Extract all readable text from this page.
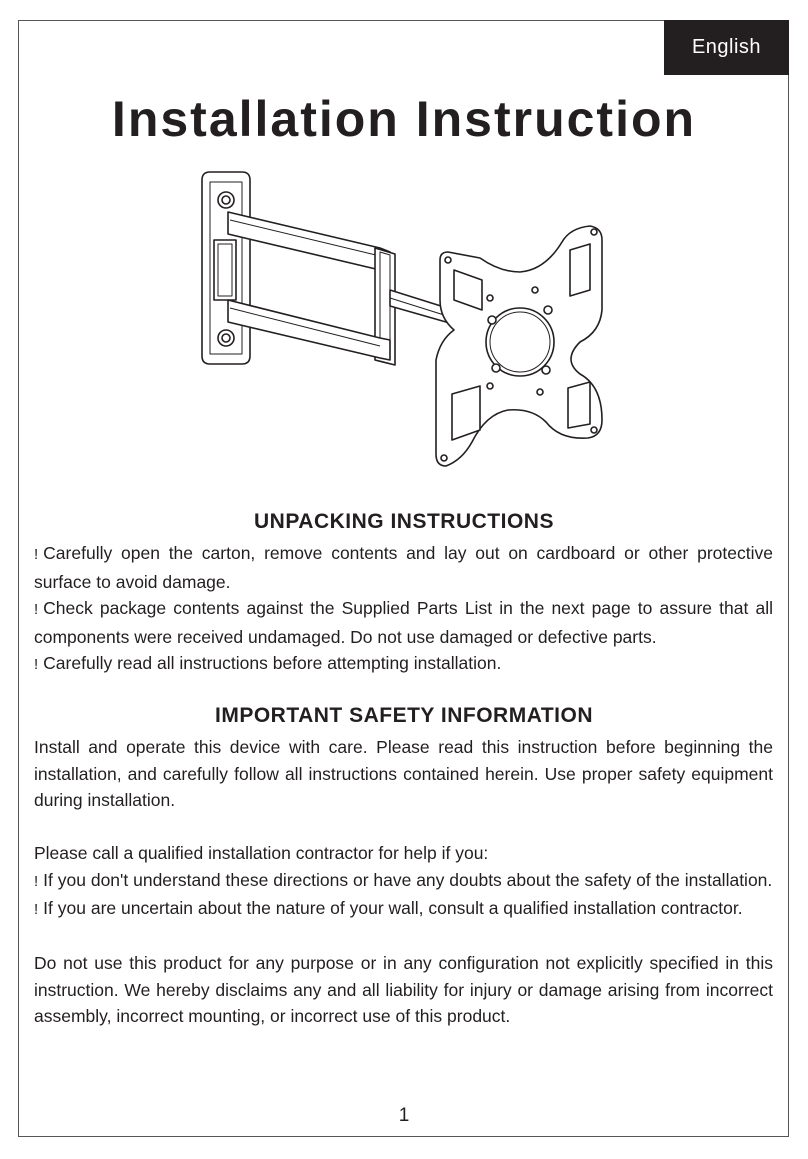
English
Installation Instruction
UNPACKING INSTRUCTIONS

! Carefully open the carton, remove contents and lay out on cardboard or other protective surface to avoid damage.

! Check package contents against the Supplied Parts List in the next page to assure that all components were received undamaged. Do not use damaged or defective parts.

! Carefully read all instructions before attempting installation.

IMPORTANT SAFETY INFORMATION

Install and operate this device with care. Please read this instruction before beginning the installation, and carefully follow all instructions contained herein. Use proper safety equipment during installation.

Please call a qualified installation contractor for help if you:

! If you don't understand these directions or have any doubts about the safety of the installation.

! If you are uncertain about the nature of your wall, consult a qualified installation contractor.

Do not use this product for any purpose or in any configuration not explicitly specified in this instruction. We hereby disclaims any and all liability for injury or damage arising from incorrect assembly, incorrect mounting, or incorrect use of this product.

1
